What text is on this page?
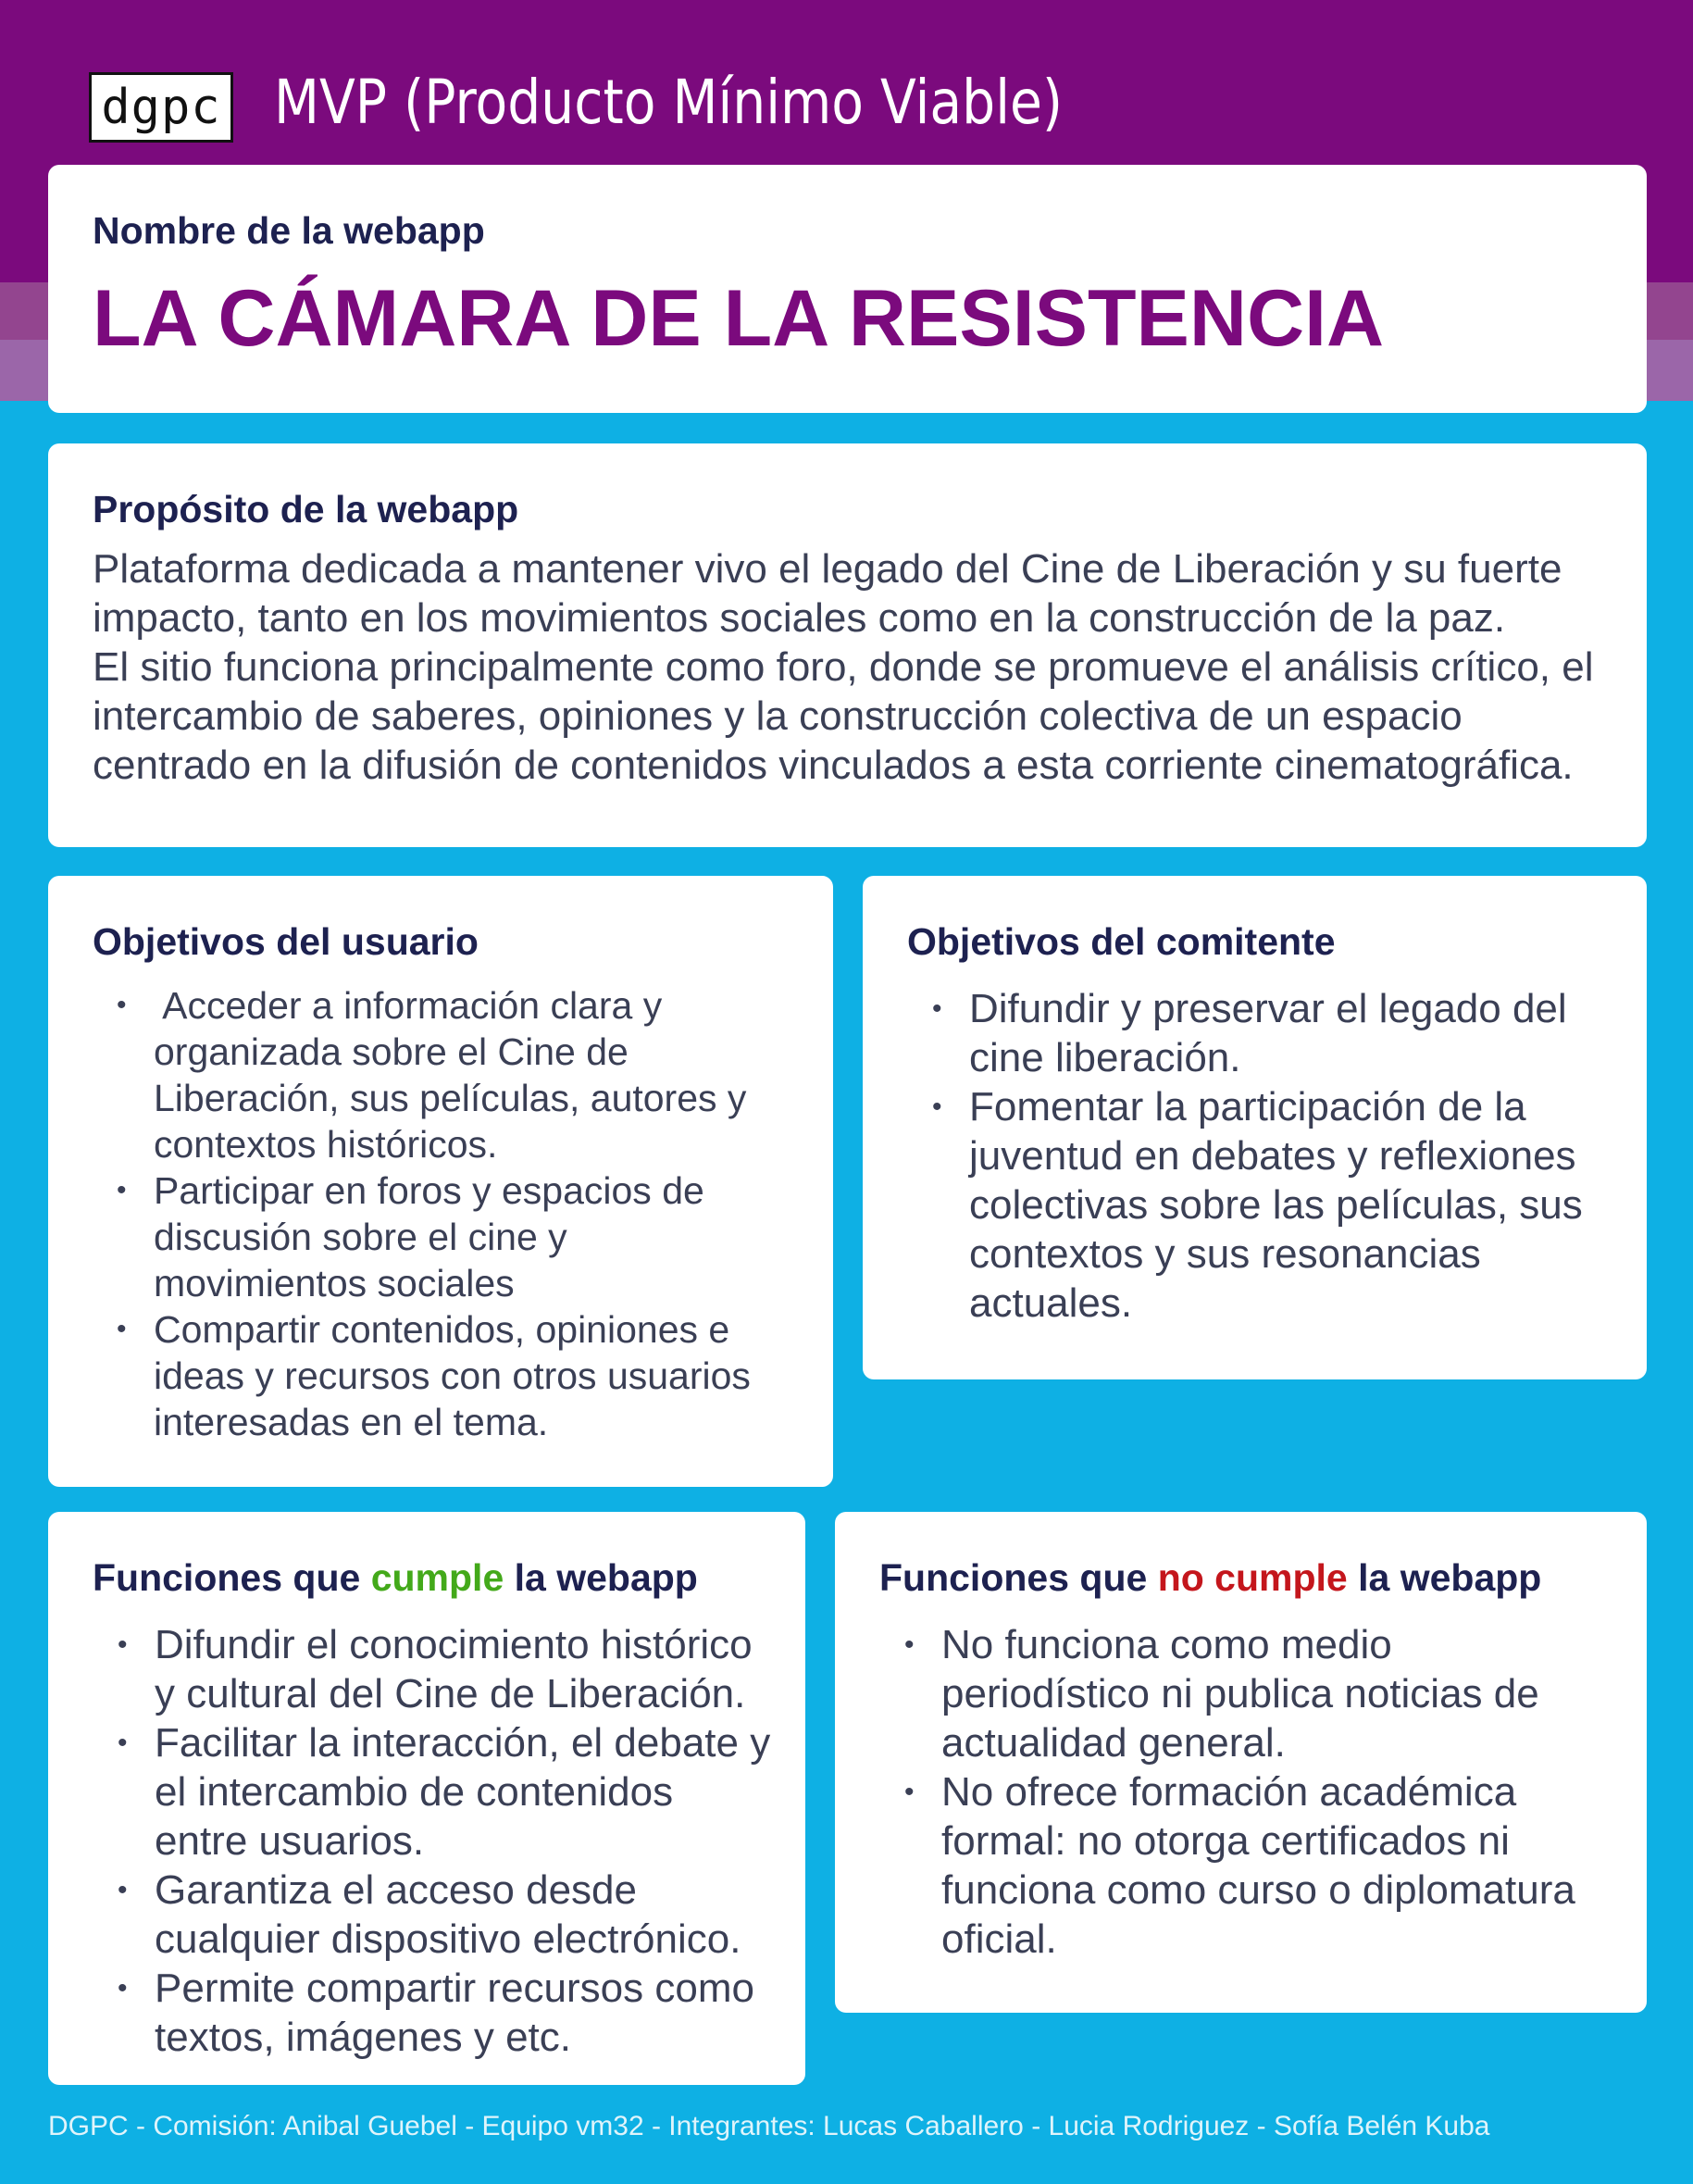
dgpc MVP (Producto Mínimo Viable)
Nombre de la webapp
LA CÁMARA DE LA RESISTENCIA
Propósito de la webapp

Plataforma dedicada a mantener vivo el legado del Cine de Liberación y su fuerte
impacto, tanto en los movimientos sociales como en la construcción de la paz.
El sitio funciona principalmente como foro, donde se promueve el análisis crítico, el
intercambio de saberes, opiniones y la construcción colectiva de un espacio
centrado en la difusión de contenidos vinculados a esta corriente cinematográfica.

Objetivos del usuario
• Acceder a información clara y
organizada sobre el Cine de
Liberación, sus películas, autores y
contextos históricos.
• Participar en foros y espacios de
discusión sobre el cine y
movimientos sociales
• Compartir contenidos, opiniones e
ideas y recursos con otros usuarios
interesadas en el tema.
Objetivos del comitente
• Difundir y preservar el legado del
cine liberación.
• Fomentar la participación de la
juventud en debates y reflexiones
colectivas sobre las películas, sus
contextos y sus resonancias
actuales.
Funciones que cumple la webapp
• Difundir el conocimiento histórico
y cultural del Cine de Liberación.
• Facilitar la interacción, el debate y
el intercambio de contenidos
entre usuarios.
• Garantiza el acceso desde
cualquier dispositivo electrónico.
• Permite compartir recursos como
textos, imágenes y etc.
Funciones que no cumple la webapp
• No funciona como medio
periodístico ni publica noticias de
actualidad general.
• No ofrece formación académica
formal: no otorga certificados ni
funciona como curso o diplomatura
oficial.
DGPC - Comisión: Anibal Guebel - Equipo vm32 - Integrantes: Lucas Caballero - Lucia Rodriguez - Sofía Belén Kuba
